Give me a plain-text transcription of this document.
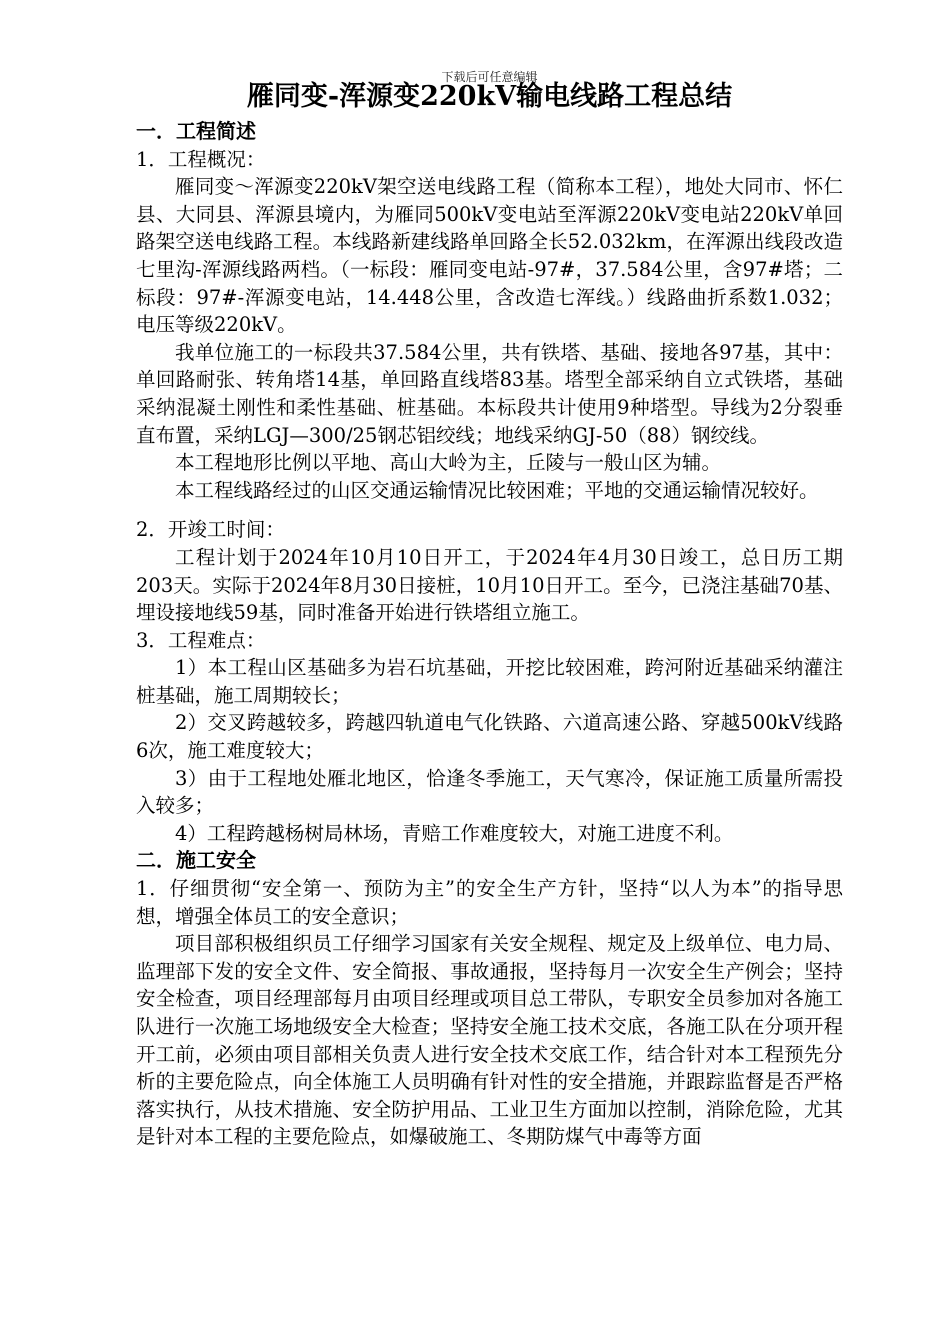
下载后可任意编辑
雁同变-浑源变220kV输电线路工程总结

一．工程简述

1．工程概况：

雁同变～浑源变220kV架空送电线路工程（简称本工程），地处大同市、怀仁县、大同县、浑源县境内，为雁同500kV变电站至浑源220kV变电站220kV单回路架空送电线路工程。本线路新建线路单回路全长52.032km，在浑源出线段改造七里沟-浑源线路两档。（一标段：雁同变电站-97#，37.584公里，含97#塔；二标段：97#-浑源变电站，14.448公里，含改造七浑线。）线路曲折系数1.032；电压等级220kV。

我单位施工的一标段共37.584公里，共有铁塔、基础、接地各97基，其中：单回路耐张、转角塔14基，单回路直线塔83基。塔型全部采纳自立式铁塔，基础采纳混凝土刚性和柔性基础、桩基础。本标段共计使用9种塔型。导线为2分裂垂直布置，采纳LGJ—300/25钢芯铝绞线；地线采纳GJ-50（88）钢绞线。

本工程地形比例以平地、高山大岭为主，丘陵与一般山区为辅。

本工程线路经过的山区交通运输情况比较困难；平地的交通运输情况较好。

2．开竣工时间：

工程计划于2024年10月10日开工，于2024年4月30日竣工，总日历工期203天。实际于2024年8月30日接桩，10月10日开工。至今，已浇注基础70基、埋设接地线59基，同时准备开始进行铁塔组立施工。

3．工程难点：

1）本工程山区基础多为岩石坑基础，开挖比较困难，跨河附近基础采纳灌注桩基础，施工周期较长；

2）交叉跨越较多，跨越四轨道电气化铁路、六道高速公路、穿越500kV线路6次，施工难度较大；

3）由于工程地处雁北地区，恰逢冬季施工，天气寒冷，保证施工质量所需投入较多；

4）工程跨越杨树局林场，青赔工作难度较大，对施工进度不利。

二．施工安全

1．仔细贯彻“安全第一、预防为主”的安全生产方针，坚持“以人为本”的指导思想，增强全体员工的安全意识；

项目部积极组织员工仔细学习国家有关安全规程、规定及上级单位、电力局、监理部下发的安全文件、安全简报、事故通报，坚持每月一次安全生产例会；坚持安全检查，项目经理部每月由项目经理或项目总工带队，专职安全员参加对各施工队进行一次施工场地级安全大检查；坚持安全施工技术交底，各施工队在分项开程开工前，必须由项目部相关负责人进行安全技术交底工作，结合针对本工程预先分析的主要危险点，向全体施工人员明确有针对性的安全措施，并跟踪监督是否严格落实执行，从技术措施、安全防护用品、工业卫生方面加以控制，消除危险，尤其是针对本工程的主要危险点，如爆破施工、冬期防煤气中毒等方面
